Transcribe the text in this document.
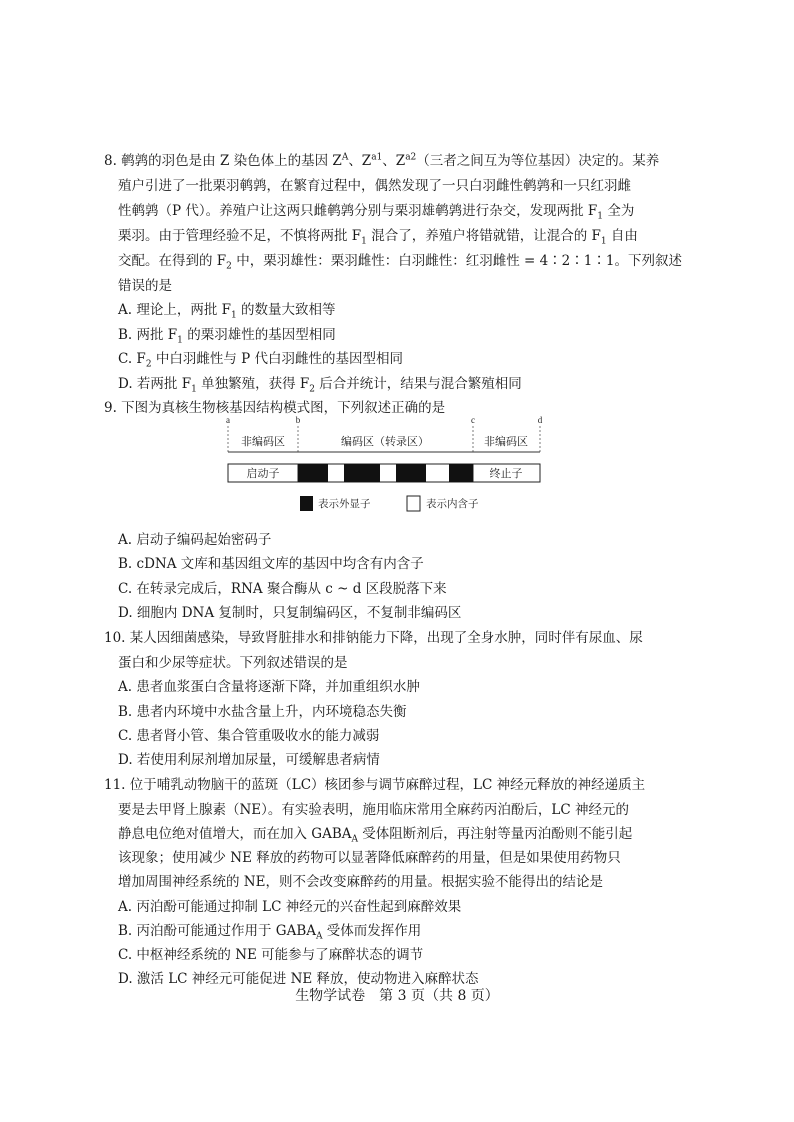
8. 鹌鹑的羽色是由 Z 染色体上的基因 $Z^A$、$Z^{a1}$、$Z^{a2}$（三者之间互为等位基因）决定的。某养
殖户引进了一批栗羽鹌鹑，在繁育过程中，偶然发现了一只白羽雌性鹌鹑和一只红羽雌
性鹌鹑（P 代）。养殖户让这两只雌鹌鹑分别与栗羽雄鹌鹑进行杂交，发现两批 $F_1$ 全为
栗羽。由于管理经验不足，不慎将两批 $F_1$ 混合了，养殖户将错就错，让混合的 $F_1$ 自由
交配。在得到的 $F_2$ 中，栗羽雄性：栗羽雌性：白羽雌性：红羽雌性 = 4∶2∶1∶1。下列叙述
错误的是
A. 理论上，两批 $F_1$ 的数量大致相等
B. 两批 $F_1$ 的栗羽雄性的基因型相同
C. $F_2$ 中白羽雌性与 P 代白羽雌性的基因型相同
D. 若两批 $F_1$ 单独繁殖，获得 $F_2$ 后合并统计，结果与混合繁殖相同
9. 下图为真核生物核基因结构模式图，下列叙述正确的是
a	b	c	d
非编码区	编码区（转录区）	非编码区
启动子	终止子
表示外显子	表示内含子
A. 启动子编码起始密码子
B. cDNA 文库和基因组文库的基因中均含有内含子
C. 在转录完成后，RNA 聚合酶从 c ~ d 区段脱落下来
D. 细胞内 DNA 复制时，只复制编码区，不复制非编码区
10. 某人因细菌感染，导致肾脏排水和排钠能力下降，出现了全身水肿，同时伴有尿血、尿
蛋白和少尿等症状。下列叙述错误的是
A. 患者血浆蛋白含量将逐渐下降，并加重组织水肿
B. 患者内环境中水盐含量上升，内环境稳态失衡
C. 患者肾小管、集合管重吸收水的能力减弱
D. 若使用利尿剂增加尿量，可缓解患者病情
11. 位于哺乳动物脑干的蓝斑（LC）核团参与调节麻醉过程，LC 神经元释放的神经递质主
要是去甲肾上腺素（NE）。有实验表明，施用临床常用全麻药丙泊酚后，LC 神经元的
静息电位绝对值增大，而在加入 $GABA_A$ 受体阻断剂后，再注射等量丙泊酚则不能引起
该现象；使用减少 NE 释放的药物可以显著降低麻醉药的用量，但是如果使用药物只
增加周围神经系统的 NE，则不会改变麻醉药的用量。根据实验不能得出的结论是
A. 丙泊酚可能通过抑制 LC 神经元的兴奋性起到麻醉效果
B. 丙泊酚可能通过作用于 $GABA_A$ 受体而发挥作用
C. 中枢神经系统的 NE 可能参与了麻醉状态的调节
D. 激活 LC 神经元可能促进 NE 释放，使动物进入麻醉状态
生物学试卷　第 3 页（共 8 页）
